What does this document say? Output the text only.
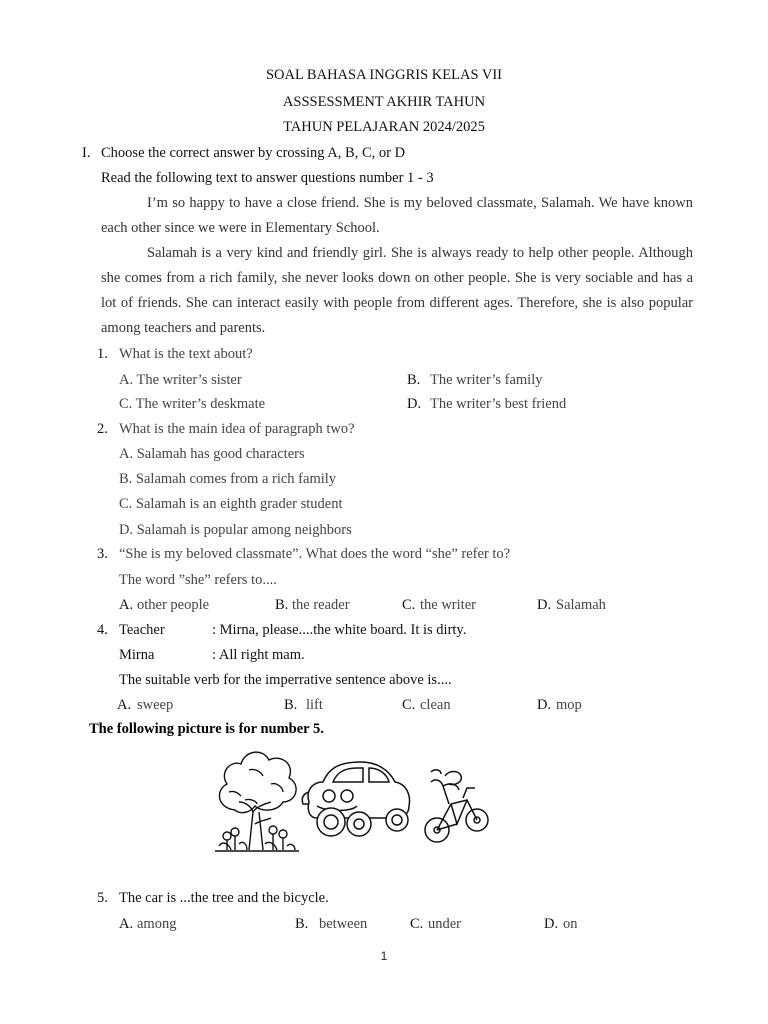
SOAL BAHASA INGGRIS KELAS VII
ASSSESSMENT AKHIR TAHUN
TAHUN PELAJARAN 2024/2025
I. Choose the correct answer by crossing A, B, C, or D
Read the following text to answer questions number 1 - 3
I’m so happy to have a close friend. She is my beloved classmate, Salamah. We have known each other since we were in Elementary School.
Salamah is a very kind and friendly girl. She is always ready to help other people. Although she comes from a rich family, she never looks down on other people. She is very sociable and has a lot of friends. She can interact easily with people from different ages. Therefore, she is also popular among teachers and parents.
1. What is the text about?
A. The writer’s sister	B. The writer’s family
C. The writer’s deskmate	D. The writer’s best friend
2. What is the main idea of paragraph two?
A. Salamah has good characters
B. Salamah comes from a rich family
C. Salamah is an eighth grader student
D. Salamah is popular among neighbors
3. “She is my beloved classmate”. What does the word “she” refer to?
The word ”she” refers to....
A. other people	B. the reader	C. the writer	D. Salamah
4. Teacher	: Mirna, please....the white board. It is dirty.
Mirna	: All right mam.
The suitable verb for the imperrative sentence above is....
A. sweep	B. lift	C. clean	D. mop
The following picture is for number 5.
5. The car is ...the tree and the bicycle.
A. among	B. between	C. under	D. on
1
